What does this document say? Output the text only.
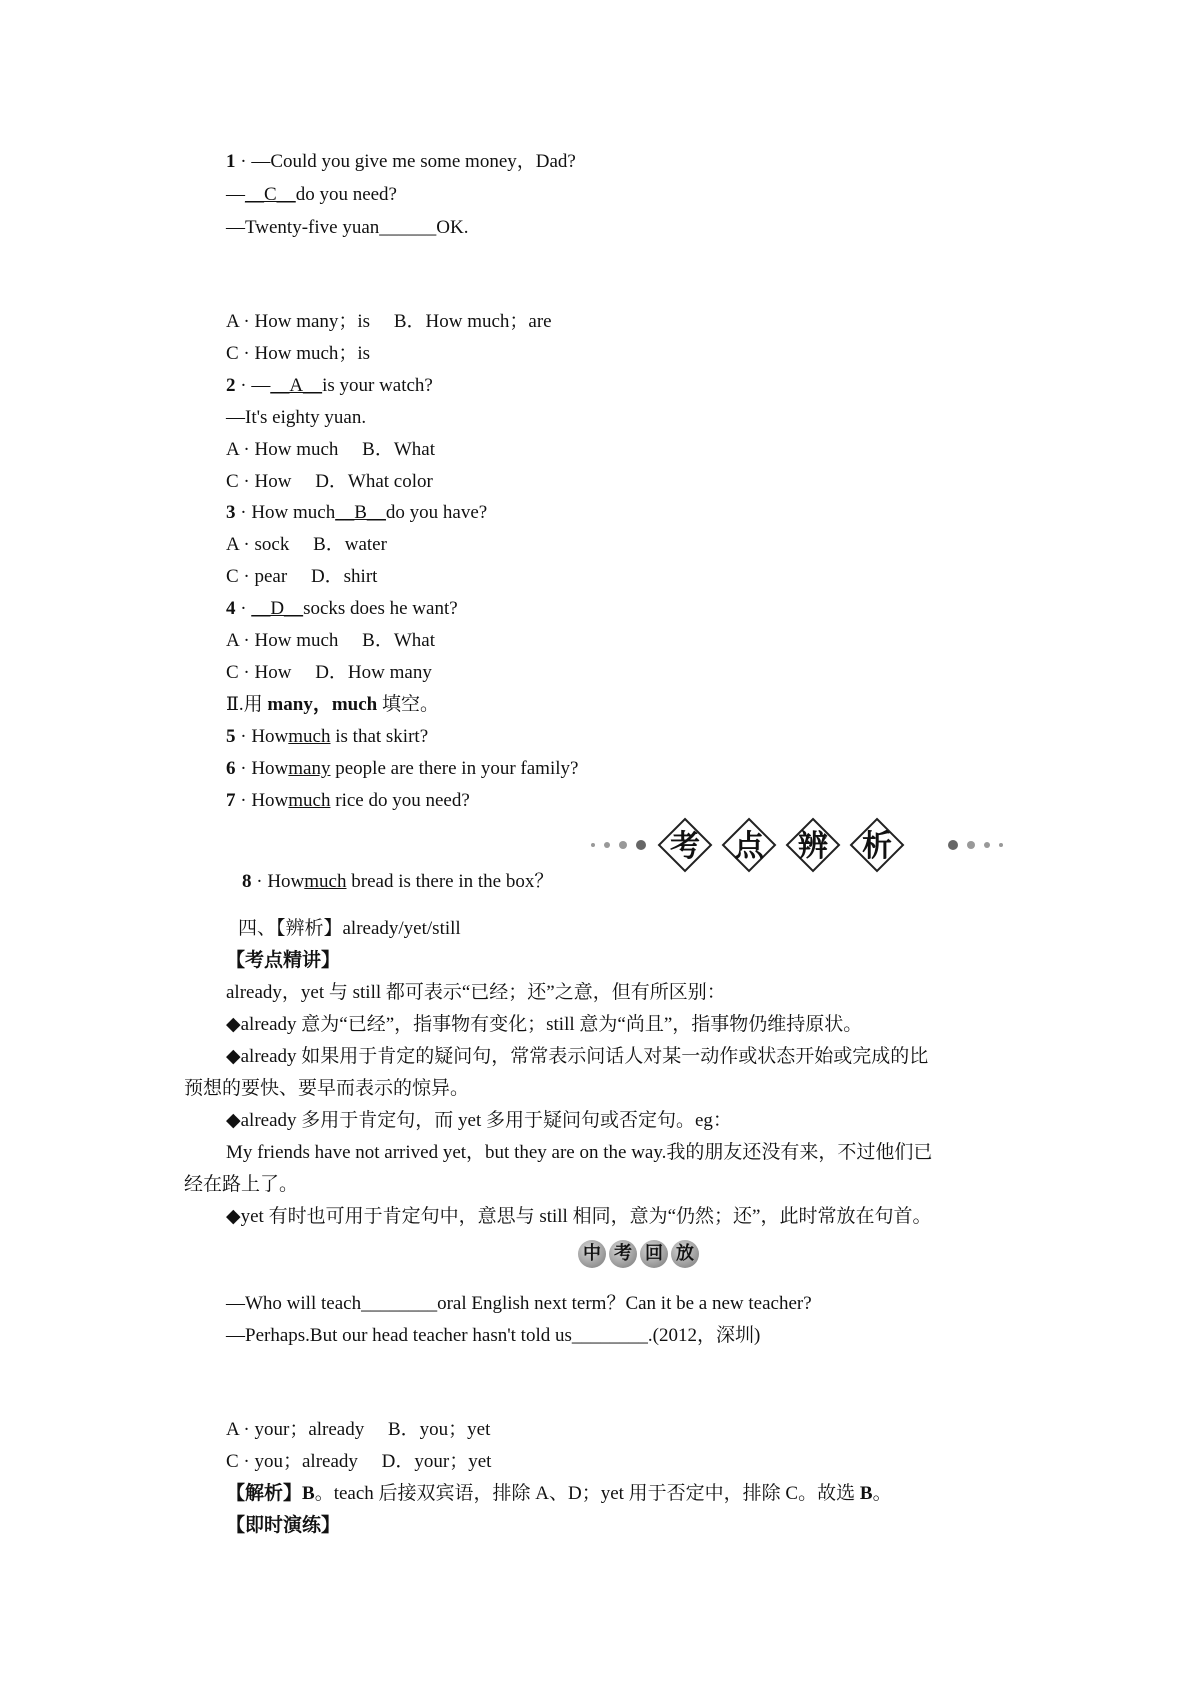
1 · —Could you give me some money，Dad?
—__C__do you need?
—Twenty-five yuan______OK.
A · How many；is　 B．How much；are
C · How much；is
2 · —__A__is your watch?
—It's eighty yuan.
A · How much　 B．What
C · How　 D．What color
3 · How much__B__do you have?
A · sock　 B．water
C · pear　 D．shirt
4 · __D__socks does he want?
A · How much　 B．What
C · How　 D．How many
Ⅱ.用 many，much 填空。
5 · Howmuch is that skirt?
6 · Howmany people are there in your family?
7 · Howmuch rice do you need?
考 点 辨 析
8 · Howmuch bread is there in the box？
四、【辨析】already/yet/still
【考点精讲】
already，yet 与 still 都可表示“已经；还”之意，但有所区别：
◆already 意为“已经”，指事物有变化；still 意为“尚且”，指事物仍维持原状。
◆already 如果用于肯定的疑问句，常常表示问话人对某一动作或状态开始或完成的比
预想的要快、要早而表示的惊异。
◆already 多用于肯定句，而 yet 多用于疑问句或否定句。eg：
My friends have not arrived yet，but they are on the way.我的朋友还没有来，不过他们已
经在路上了。
◆yet 有时也可用于肯定句中，意思与 still 相同，意为“仍然；还”，此时常放在句首。
中 考 回 放
—Who will teach________oral English next term？Can it be a new teacher?
—Perhaps.But our head teacher hasn't told us________.(2012，深圳)
A · your；already　 B．you；yet
C · you；already　 D．your；yet
【解析】B。teach 后接双宾语，排除 A、D；yet 用于否定中，排除 C。故选 B。
【即时演练】
